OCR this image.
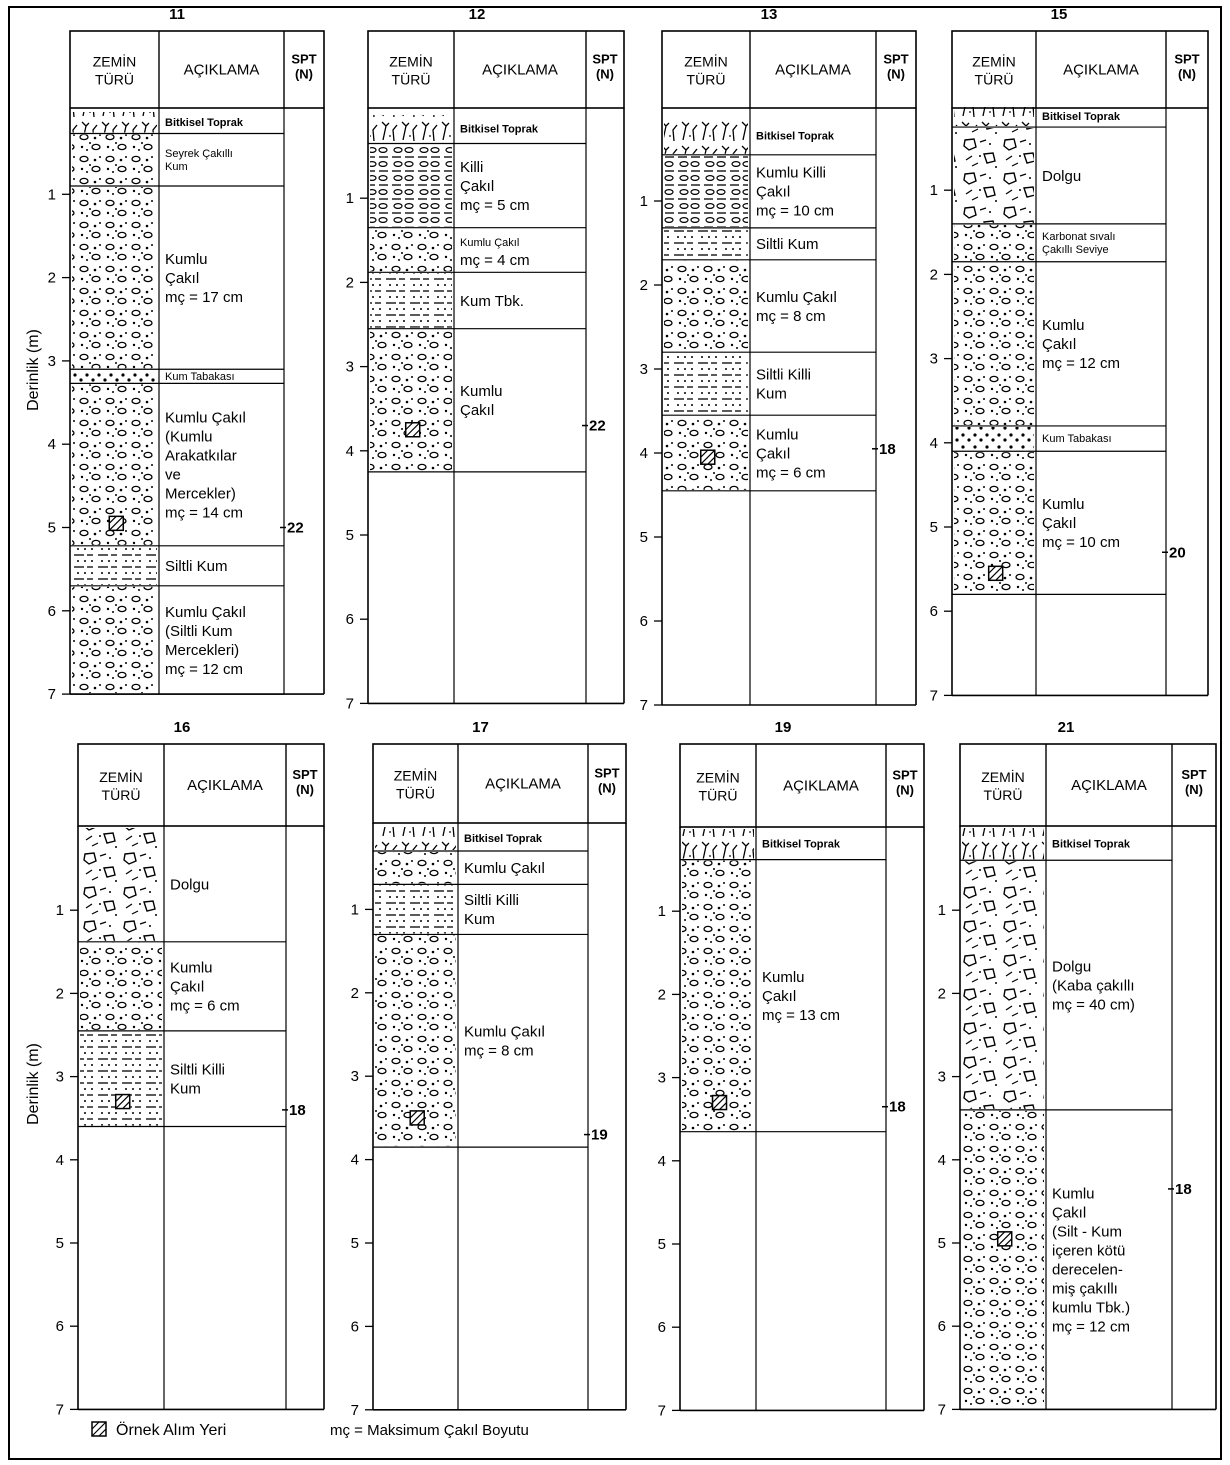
11
ZEMİN
TÜRÜ
AÇIKLAMA
SPT
(N)
Bitkisel Toprak
Seyrek Çakıllı
Kum
Kumlu
Çakıl
mç = 17 cm
Kum Tabakası
Kumlu Çakıl
(Kumlu
Arakatkılar
ve
Mercekler)
mç = 14 cm
Siltli Kum
Kumlu Çakıl
(Siltli Kum
Mercekleri)
mç = 12 cm
22
1
2
3
4
5
6
7
12
ZEMİN
TÜRÜ
AÇIKLAMA
SPT
(N)
Bitkisel Toprak
Killi
Çakıl
mç = 5 cm
Kumlu Çakıl
mç = 4 cm
Kum Tbk.
Kumlu
Çakıl
22
1
2
3
4
5
6
7
13
ZEMİN
TÜRÜ
AÇIKLAMA
SPT
(N)
Bitkisel Toprak
Kumlu Killi
Çakıl
mç = 10 cm
Siltli Kum
Kumlu Çakıl
mç = 8 cm
Siltli Killi
Kum
Kumlu
Çakıl
mç = 6 cm
18
1
2
3
4
5
6
7
15
ZEMİN
TÜRÜ
AÇIKLAMA
SPT
(N)
Bitkisel Toprak
Dolgu
Karbonat sıvalı
Çakıllı Seviye
Kumlu
Çakıl
mç = 12 cm
Kum Tabakası
Kumlu
Çakıl
mç = 10 cm
20
1
2
3
4
5
6
7
16
ZEMİN
TÜRÜ
AÇIKLAMA
SPT
(N)
Dolgu
Kumlu
Çakıl
mç = 6 cm
Siltli Killi
Kum
18
1
2
3
4
5
6
7
17
ZEMİN
TÜRÜ
AÇIKLAMA
SPT
(N)
Bitkisel Toprak
Kumlu Çakıl
Siltli Killi
Kum
Kumlu Çakıl
mç = 8 cm
19
1
2
3
4
5
6
7
19
ZEMİN
TÜRÜ
AÇIKLAMA
SPT
(N)
Bitkisel Toprak
Kumlu
Çakıl
mç = 13 cm
18
1
2
3
4
5
6
7
21
ZEMİN
TÜRÜ
AÇIKLAMA
SPT
(N)
Bitkisel Toprak
Dolgu
(Kaba çakıllı
mç = 40 cm)
Kumlu
Çakıl
(Silt - Kum
içeren kötü
derecelen-
miş çakıllı
kumlu Tbk.)
mç = 12 cm
18
1
2
3
4
5
6
7
Derinlik (m)
Derinlik (m)
Örnek Alım Yeri	mç = Maksimum Çakıl Boyutu
